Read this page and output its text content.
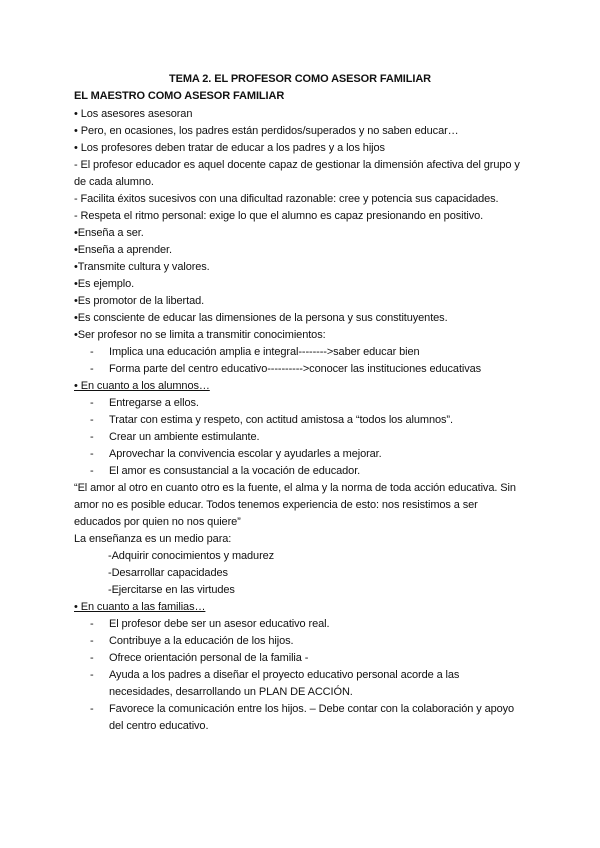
TEMA 2. EL PROFESOR COMO ASESOR FAMILIAR
EL MAESTRO COMO ASESOR FAMILIAR
• Los asesores asesoran
• Pero, en ocasiones, los padres están perdidos/superados y no saben educar…
• Los profesores deben tratar de educar a los padres y a los hijos
- El profesor educador es aquel docente capaz de gestionar la dimensión afectiva del grupo y
de cada alumno.
- Facilita éxitos sucesivos con una dificultad razonable: cree y potencia sus capacidades.
- Respeta el ritmo personal: exige lo que el alumno es capaz presionando en positivo.
•Enseña a ser.
•Enseña a aprender.
•Transmite cultura y valores.
•Es ejemplo.
•Es promotor de la libertad.
•Es consciente de educar las dimensiones de la persona y sus constituyentes.
•Ser profesor no se limita a transmitir conocimientos:
- Implica una educación amplia e integral-------->saber educar bien
- Forma parte del centro educativo---------->conocer las instituciones educativas
• En cuanto a los alumnos…
- Entregarse a ellos.
- Tratar con estima y respeto, con actitud amistosa a “todos los alumnos”.
- Crear un ambiente estimulante.
- Aprovechar la convivencia escolar y ayudarles a mejorar.
- El amor es consustancial a la vocación de educador.
“El amor al otro en cuanto otro es la fuente, el alma y la norma de toda acción educativa. Sin
amor no es posible educar. Todos tenemos experiencia de esto: nos resistimos a ser
educados por quien no nos quiere”
La enseñanza es un medio para:
-Adquirir conocimientos y madurez
-Desarrollar capacidades
-Ejercitarse en las virtudes
• En cuanto a las familias…
- El profesor debe ser un asesor educativo real.
- Contribuye a la educación de los hijos.
- Ofrece orientación personal de la familia -
- Ayuda a los padres a diseñar el proyecto educativo personal acorde a las
necesidades, desarrollando un PLAN DE ACCIÓN.
- Favorece la comunicación entre los hijos. – Debe contar con la colaboración y apoyo
del centro educativo.
